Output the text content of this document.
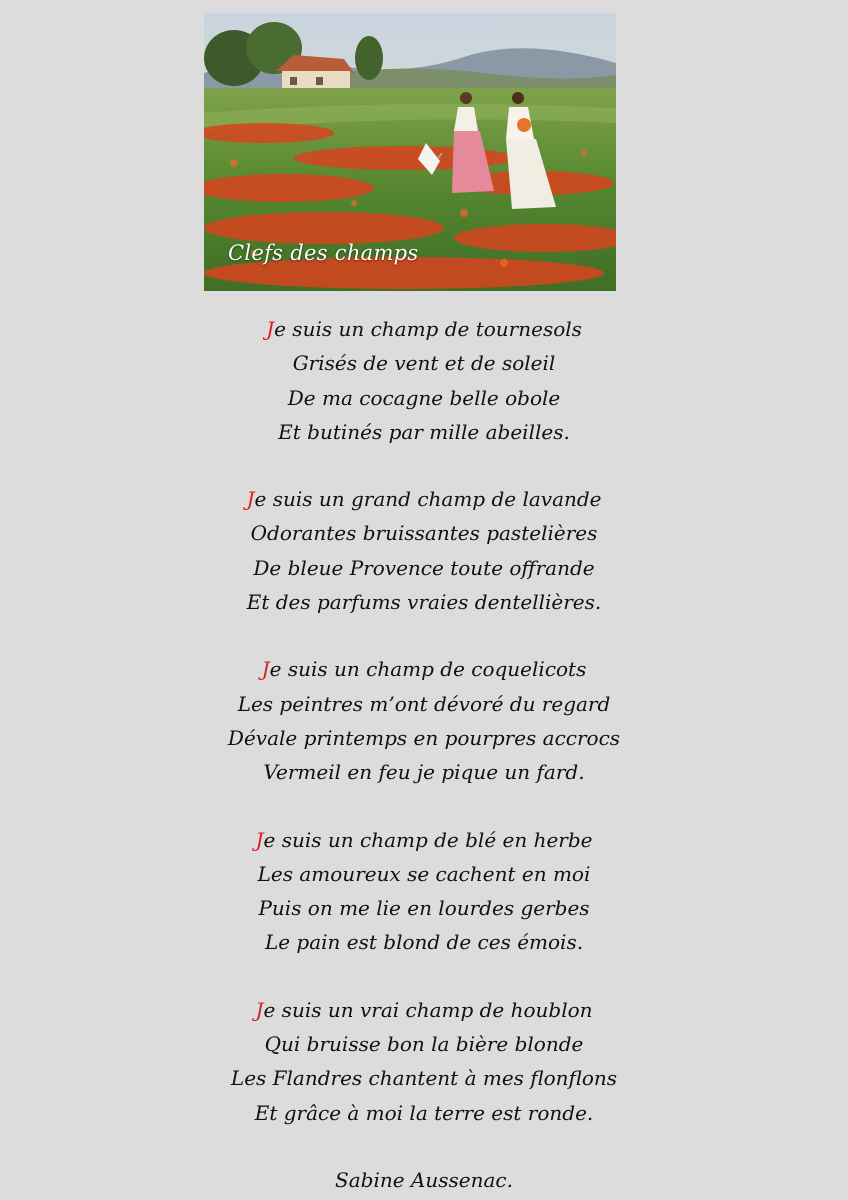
Clefs des champs
Je suis un champ de tournesols
Grisés de vent et de soleil
De ma cocagne belle obole
Et butinés par mille abeilles.
Je suis un grand champ de lavande
Odorantes bruissantes pastelières
De bleue Provence toute offrande
Et des parfums vraies dentellières.
Je suis un champ de coquelicots
Les peintres m’ont dévoré du regard
Dévale printemps en pourpres accrocs
Vermeil en feu je pique un fard.
Je suis un champ de blé en herbe
Les amoureux se cachent en moi
Puis on me lie en lourdes gerbes
Le pain est blond de ces émois.
Je suis un vrai champ de houblon
Qui bruisse bon la bière blonde
Les Flandres chantent à mes flonflons
Et grâce à moi la terre est ronde.
Sabine Aussenac.
